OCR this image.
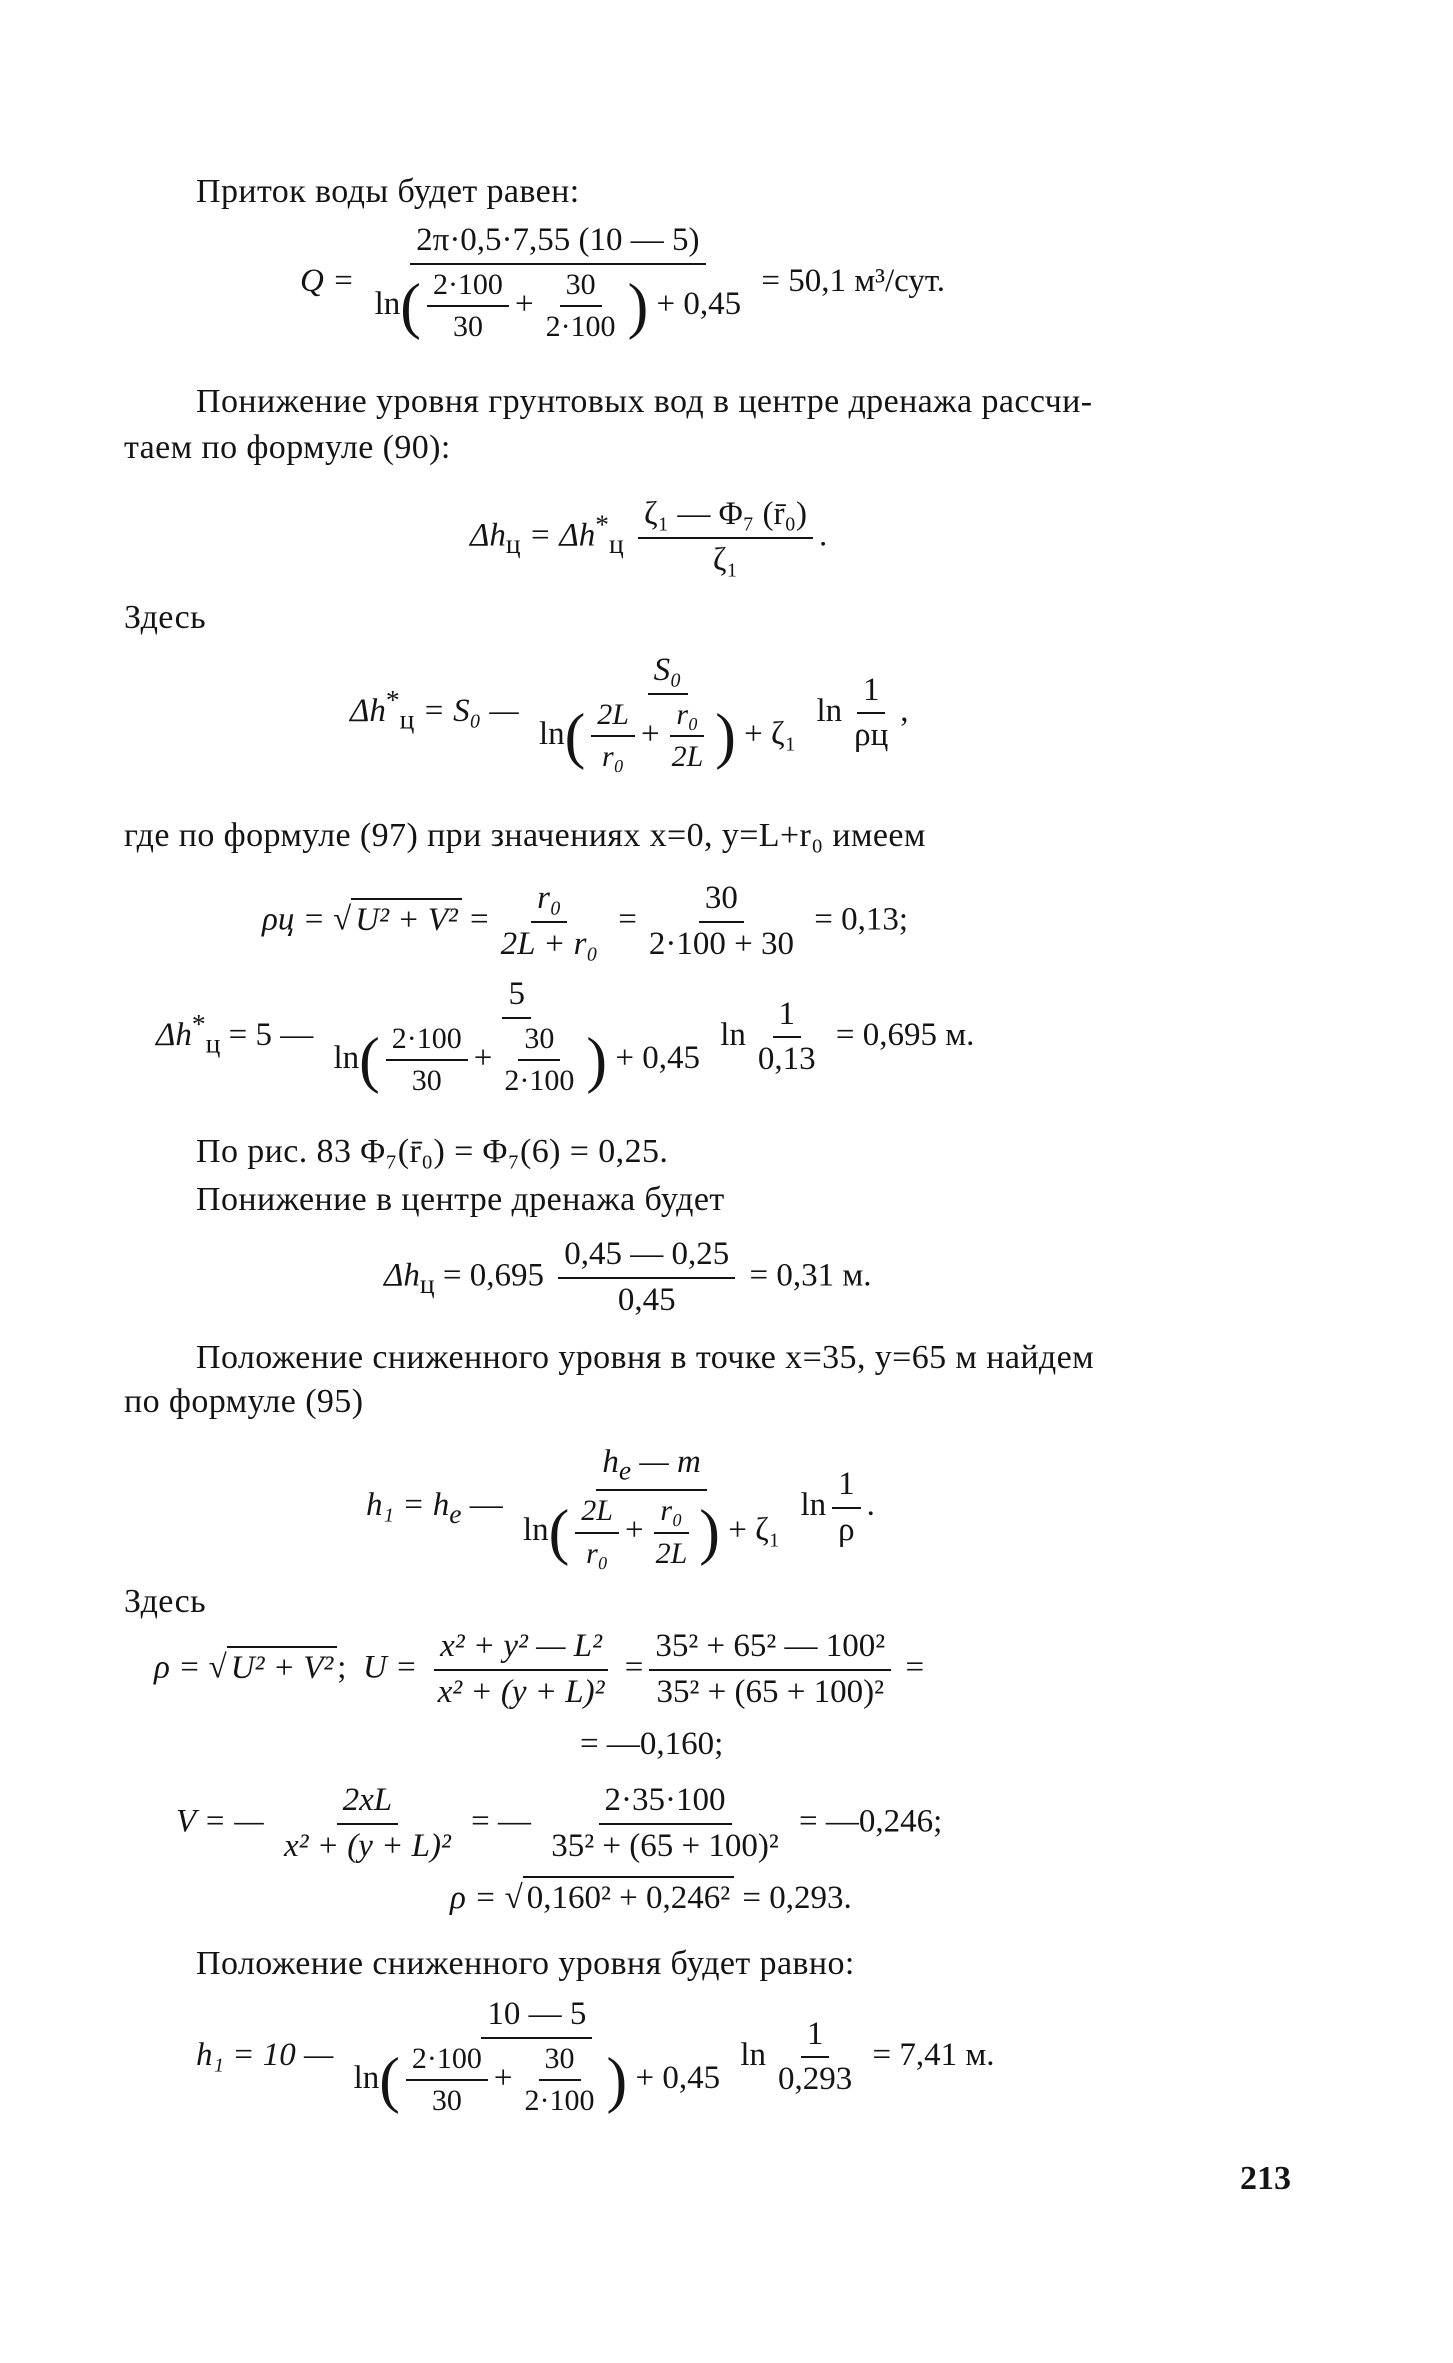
Приток воды будет равен:
$Q = \frac{2\pi\cdot 0,5\cdot 7,55 (10 — 5)}{\ln( \frac{2\cdot 100}{30} + \frac{30}{2\cdot 100} ) + 0,45} = 50,1$ м³/сут.
Понижение уровня грунтовых вод в центре дренажа рассчи-
таем по формуле (90):
$\Delta h_ц = \Delta h^*_ц \frac{\text{ζ₁ — Φ₇ (r̄₀)}}{\text{ζ₁}}$ .
Здесь
$\Delta h^*_ц = S_0$ — $\frac{\text{S₀}}{\ln( \frac{2L}{\text{r₀}} + \frac{\text{r₀}}{2L} ) + \zeta_1}$ $\ln \frac{1}{\rho ц}$ ,
где по формуле (97) при значениях x=0, y=L+r₀ имеем
ρц = √ $U^2 + V^2 = \frac{\text{r₀}}{\text{2L + r₀}} = \frac{30}{2\cdot 100 + 30} = 0,13$;
$\Delta h^*_ц = 5$ — $\frac{5}{\ln( \frac{2\cdot 100}{30} + \frac{30}{2\cdot 100} ) + 0,45}$ $\ln \frac{1}{0,13} = 0,695$ м.
По рис. 83 Φ₇(r̄₀) = Φ₇(6) = 0,25.
Понижение в центре дренажа будет
$\Delta h_ц = 0,695 \frac{0,45 — 0,25}{0,45} = 0,31$ м.
Положение сниженного уровня в точке x=35, y=65 м найдем
по формуле (95)
$h_1 = h_e$ — $\frac{h_e — m}{\ln( \frac{2L}{\text{r₀}} + \frac{\text{r₀}}{2L} ) + \zeta_1}$ $\ln \frac{1}{\rho}$ .
Здесь
ρ = √ U² + V² ;  $U = \frac{\text{x² + y² — L²}}{\text{x² + (y + L)²}} = \frac{\text{35² + 65² — 100²}}{\text{35² + (65 + 100)²}}$ =
= —0,160;
V = — $\frac{2xL}{\text{x² + (y + L)²}}$ = — $\frac{2\cdot 35\cdot 100}{\text{35² + (65 + 100)²}}$ = —0,246;
ρ = √ 0,160² + 0,246² = 0,293.
Положение сниженного уровня будет равно:
h₁ = 10 — $\frac{10 — 5}{\ln( \frac{2\cdot 100}{30} + \frac{30}{2\cdot 100} ) + 0,45}$ $\ln \frac{1}{0,293} = 7,41$ м.
213
